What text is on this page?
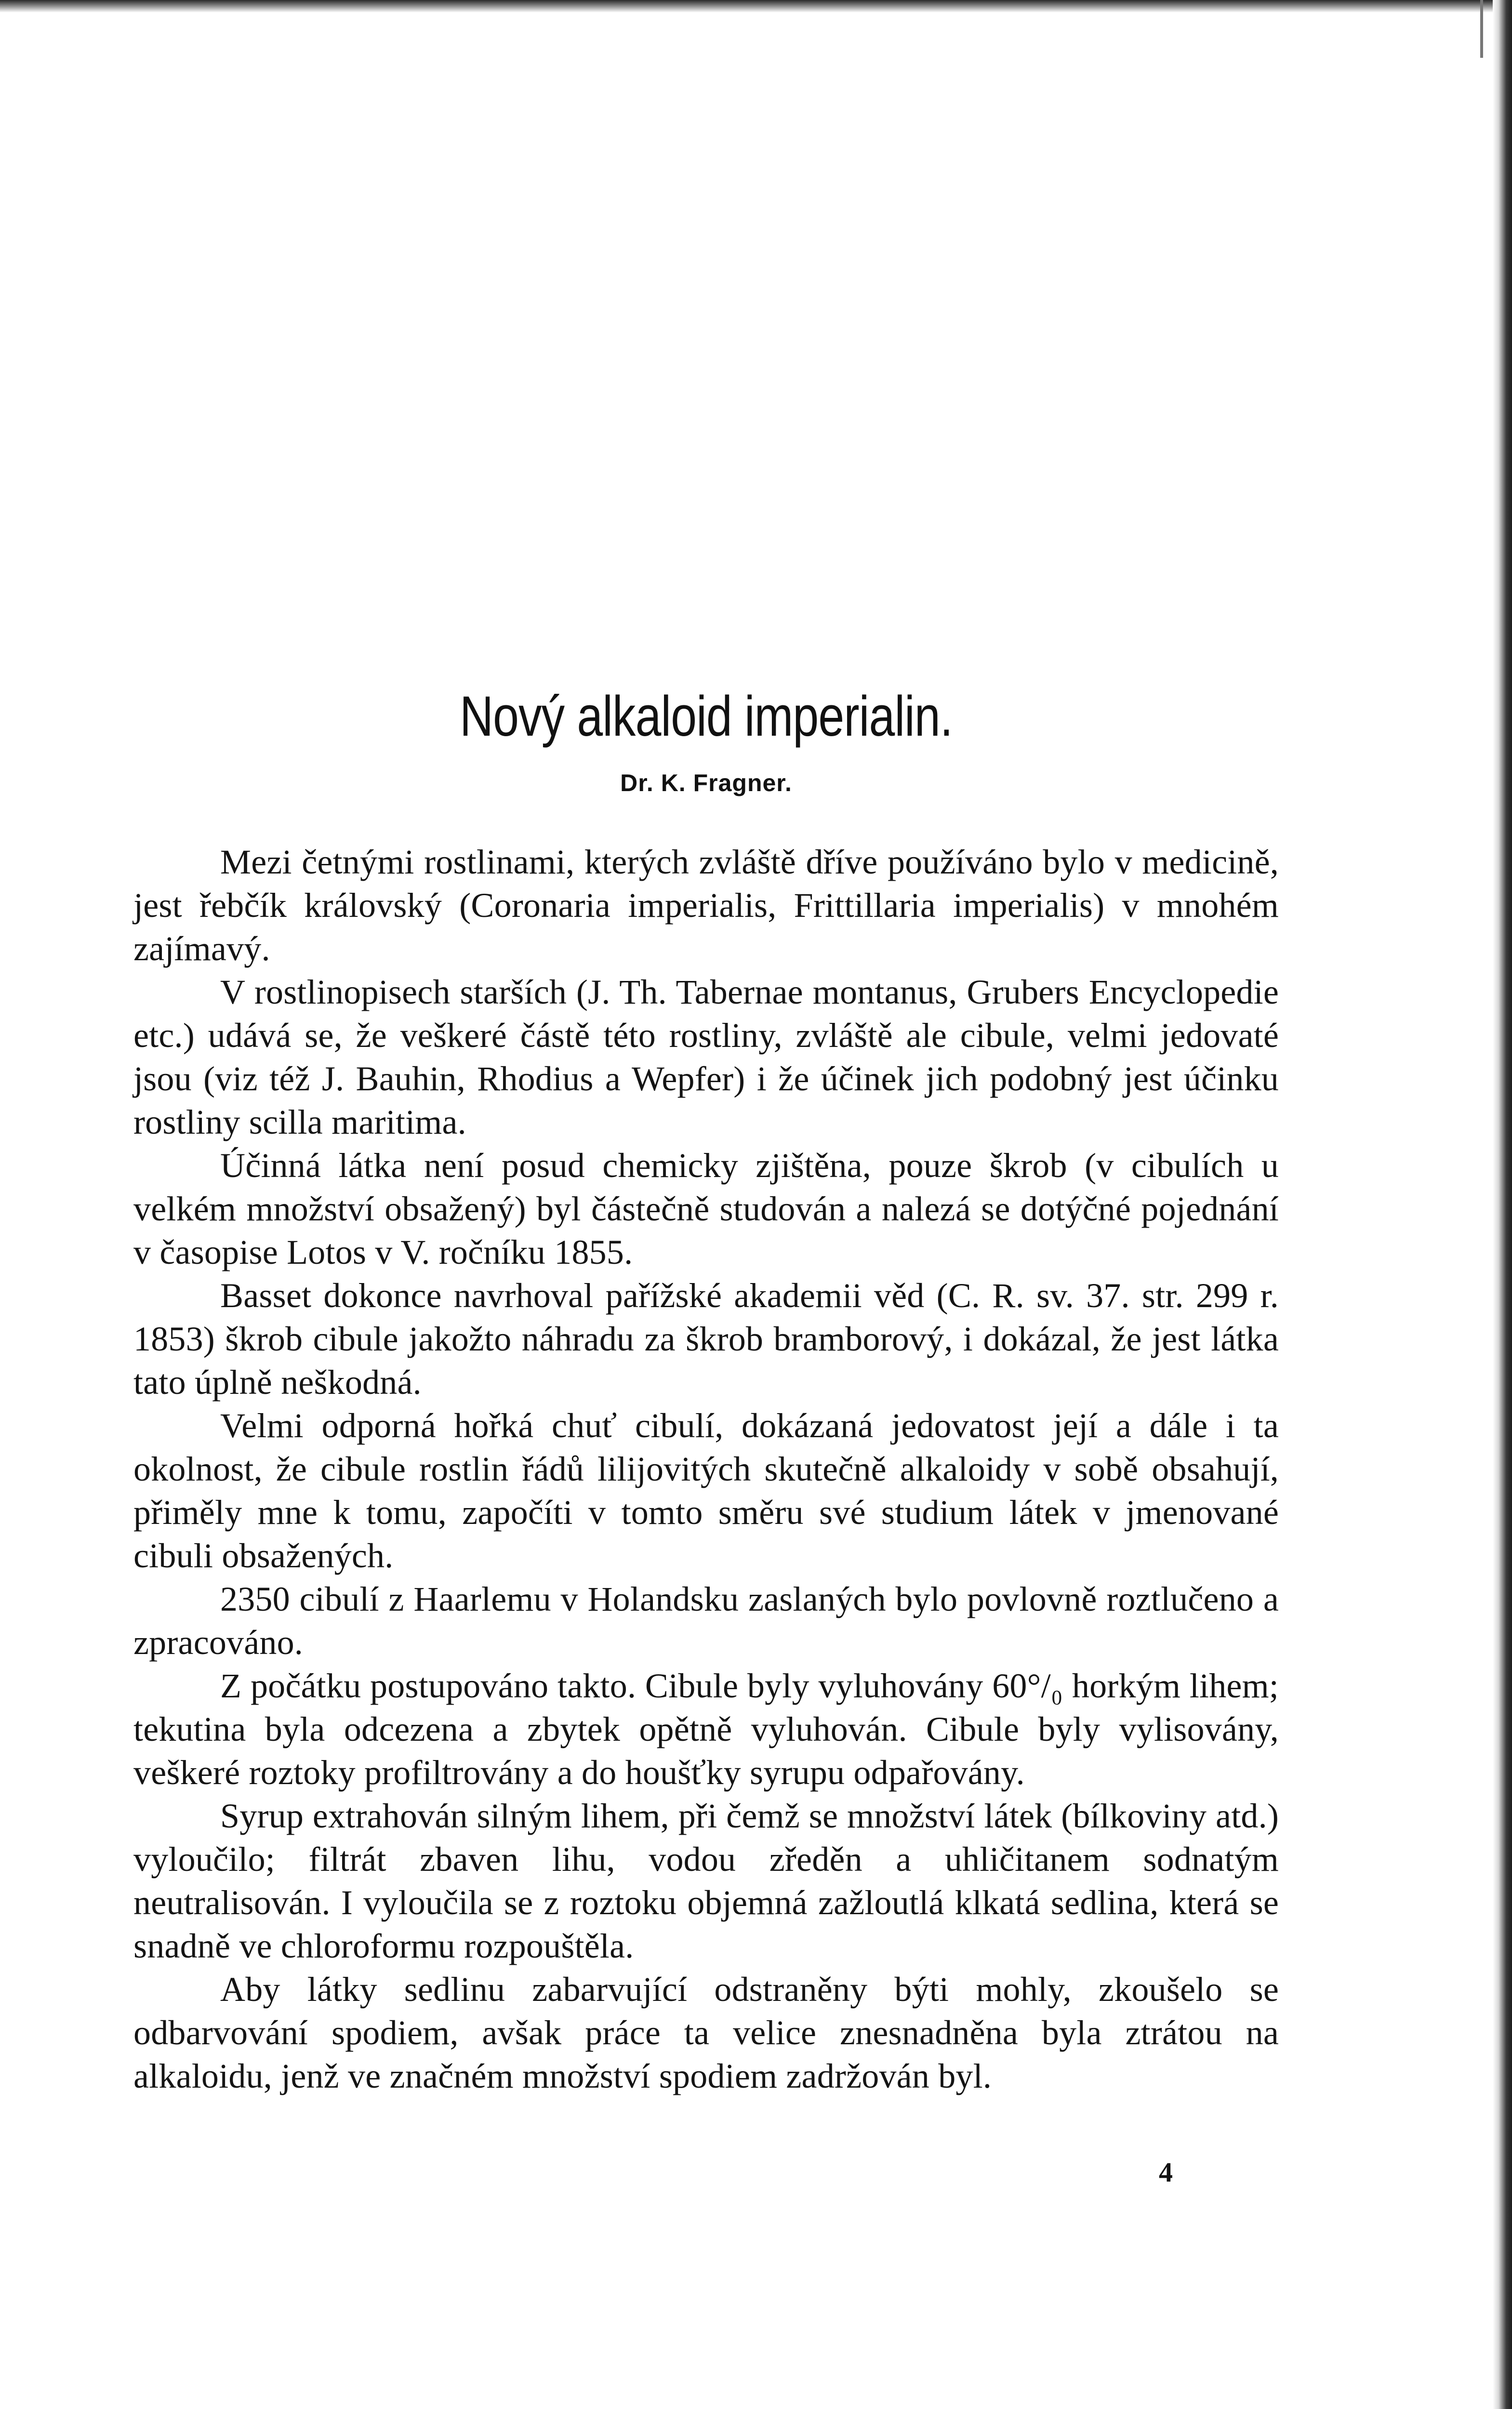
Nový alkaloid imperialin.
Dr. K. Fragner.

Mezi četnými rostlinami, kterých zvláště dříve používáno bylo v medicině, jest řebčík královský (Coronaria imperialis, Frittillaria imperialis) v mnohém zajímavý.

V rostlinopisech starších (J. Th. Tabernae montanus, Grubers Encyclopedie etc.) udává se, že veškeré částě této rostliny, zvláště ale cibule, velmi jedovaté jsou (viz též J. Bauhin, Rhodius a Wepfer) i že účinek jich podobný jest účinku rostliny scilla maritima.

Účinná látka není posud chemicky zjištěna, pouze škrob (v cibulích u velkém množství obsažený) byl částečně studován a nalezá se dotýčné pojednání v časopise Lotos v V. ročníku 1855.

Basset dokonce navrhoval pařížské akademii věd (C. R. sv. 37. str. 299 r. 1853) škrob cibule jakožto náhradu za škrob bramborový, i dokázal, že jest látka tato úplně neškodná.

Velmi odporná hořká chuť cibulí, dokázaná jedovatost její a dále i ta okolnost, že cibule rostlin řádů lilijovitých skutečně alkaloidy v sobě obsahují, přiměly mne k tomu, započíti v tomto směru své studium látek v jmenované cibuli obsažených.

2350 cibulí z Haarlemu v Holandsku zaslaných bylo povlovně roztlučeno a zpracováno.

Z počátku postupováno takto. Cibule byly vyluhovány 60°/₀ horkým lihem; tekutina byla odcezena a zbytek opětně vyluhován. Cibule byly vylisovány, veškeré roztoky profiltrovány a do houšťky syrupu odpařovány.

Syrup extrahován silným lihem, při čemž se množství látek (bílkoviny atd.) vyloučilo; filtrát zbaven lihu, vodou zředěn a uhličitanem sodnatým neutralisován. I vyloučila se z roztoku objemná zažloutlá klkatá sedlina, která se snadně ve chloroformu rozpouštěla.

Aby látky sedlinu zabarvující odstraněny býti mohly, zkoušelo se odbarvování spodiem, avšak práce ta velice znesnadněna byla ztrátou na alkaloidu, jenž ve značném množství spodiem zadržován byl.

4
